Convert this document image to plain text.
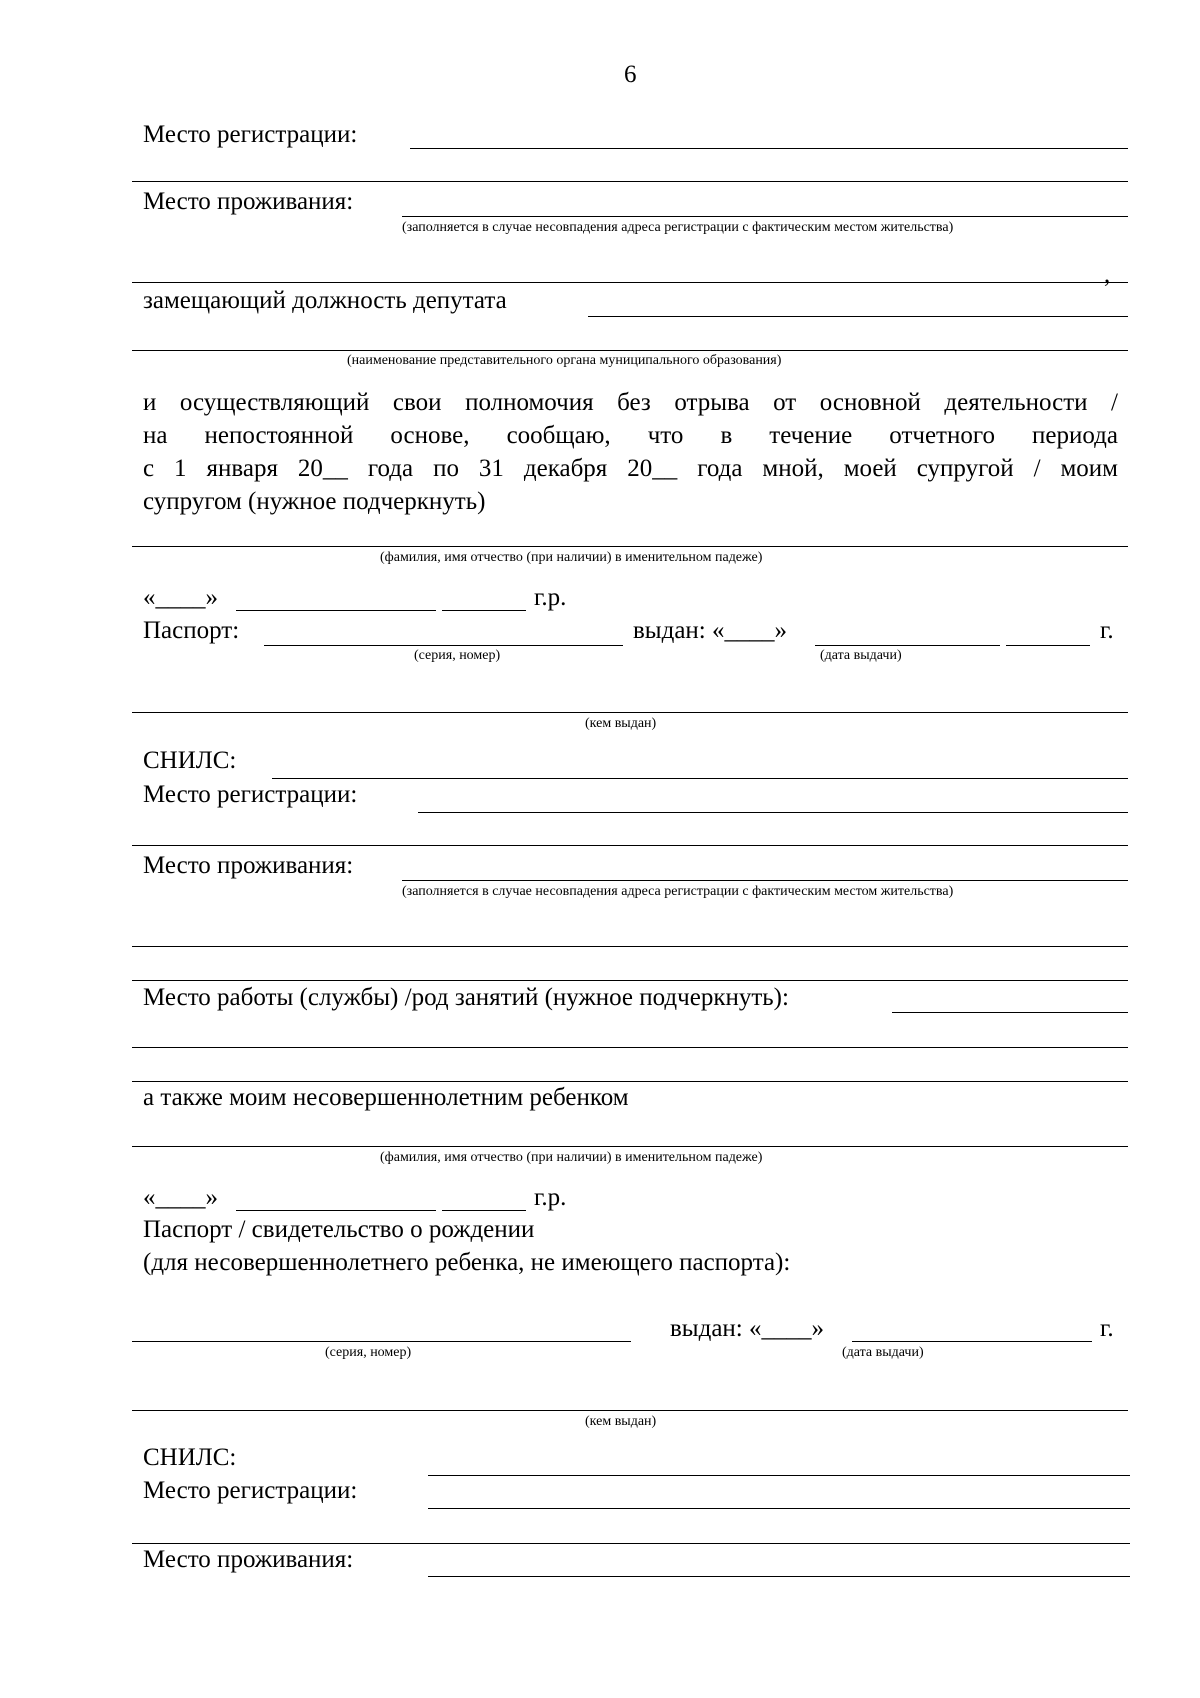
6
Место регистрации:
Место проживания:
(заполняется в случае несовпадения адреса регистрации с фактическим местом жительства)
,
замещающий должность депутата
(наименование представительного органа муниципального образования)
и осуществляющий свои полномочия без отрыва от основной деятельности /
на непостоянной основе, сообщаю, что в течение отчетного периода
с 1 января 20__ года по 31 декабря 20__ года мной, моей супругой / моим
супругом (нужное подчеркнуть)
(фамилия, имя отчество (при наличии) в именительном падеже)
«____»	г.р.
Паспорт:
(серия, номер)
выдан: «____»	г.
(дата выдачи)
(кем выдан)
СНИЛС:
Место регистрации:
Место проживания:
(заполняется в случае несовпадения адреса регистрации с фактическим местом жительства)
Место работы (службы) /род занятий (нужное подчеркнуть):
а также моим несовершеннолетним ребенком
(фамилия, имя отчество (при наличии) в именительном падеже)
«____»	г.р.
Паспорт / свидетельство о рождении
(для несовершеннолетнего ребенка, не имеющего паспорта):
(серия, номер)
выдан: «____»	г.
(дата выдачи)
(кем выдан)
СНИЛС:
Место регистрации:
Место проживания:
